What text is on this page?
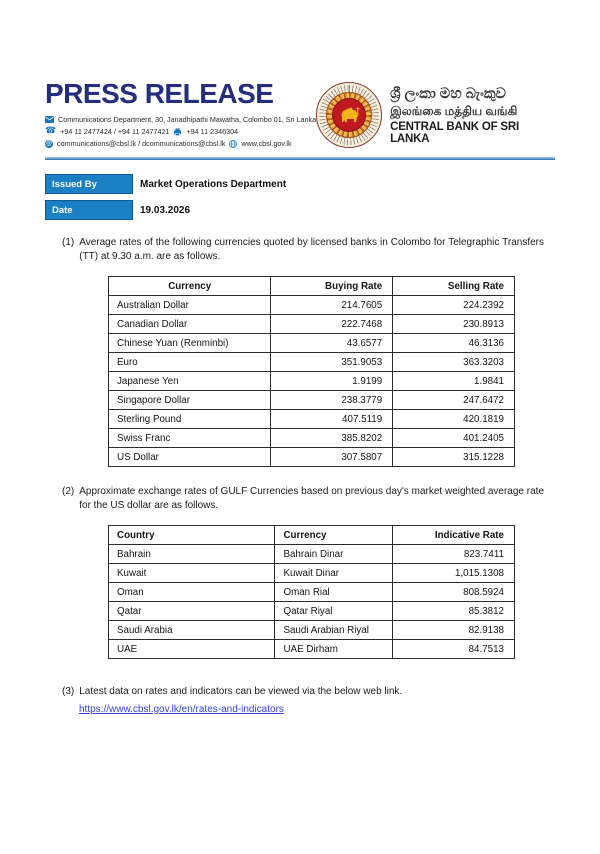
PRESS RELEASE
Communications Department, 30, Janadhipathi Mawatha, Colombo 01, Sri Lanka
☎ +94 11 2477424 / +94 11 2477421 +94 11 2346304
@ communications@cbsl.lk / dcommunications@cbsl.lk www.cbsl.gov.lk
ශ්‍රී ලංකා මහ බැංකුව
இலங்கை மத்திய வங்கி
CENTRAL BANK OF SRI LANKA
Issued By	Market Operations Department
Date	19.03.2026
(1) Average rates of the following currencies quoted by licensed banks in Colombo for Telegraphic Transfers (TT) at 9.30 a.m. are as follows.
Currency	Buying Rate	Selling Rate
Australian Dollar	214.7605	224.2392
Canadian Dollar	222.7468	230.8913
Chinese Yuan (Renminbi)	43.6577	46.3136
Euro	351.9053	363.3203
Japanese Yen	1.9199	1.9841
Singapore Dollar	238.3779	247.6472
Sterling Pound	407.5119	420.1819
Swiss Franc	385.8202	401.2405
US Dollar	307.5807	315.1228
(2) Approximate exchange rates of GULF Currencies based on previous day's market weighted average rate for the US dollar are as follows.
Country	Currency	Indicative Rate
Bahrain	Bahrain Dinar	823.7411
Kuwait	Kuwait Dinar	1,015.1308
Oman	Oman Rial	808.5924
Qatar	Qatar Riyal	85.3812
Saudi Arabia	Saudi Arabian Riyal	82.9138
UAE	UAE Dirham	84.7513
(3) Latest data on rates and indicators can be viewed via the below web link.
https://www.cbsl.gov.lk/en/rates-and-indicators
